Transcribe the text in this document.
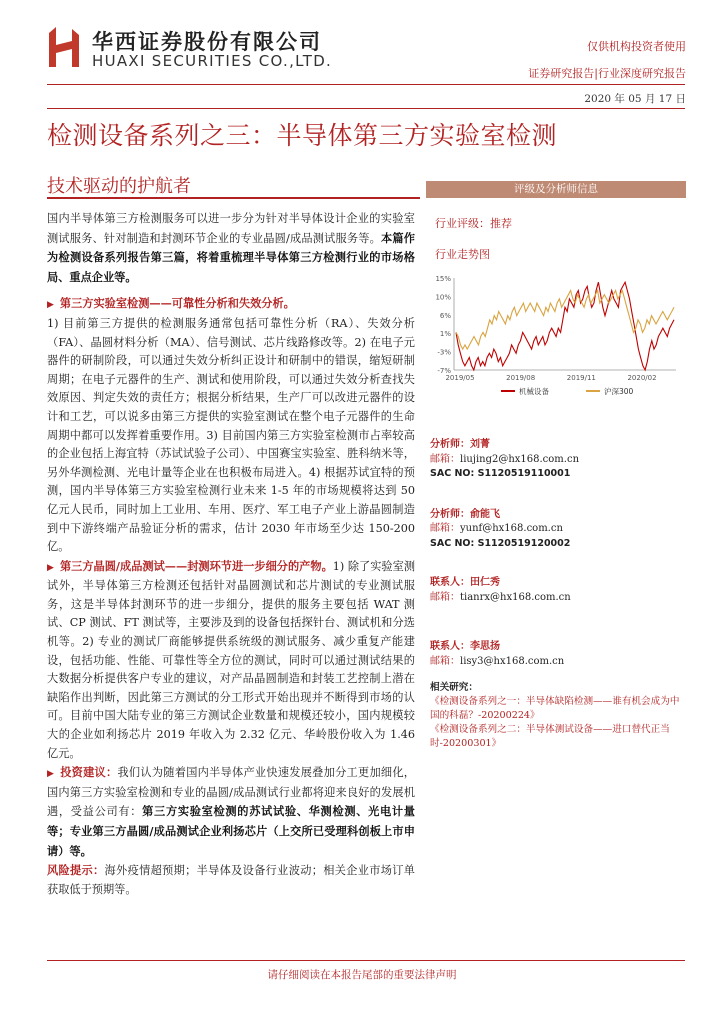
华西证券股份有限公司
HUAXI SECURITIES CO.,LTD.
仅供机构投资者使用
证券研究报告|行业深度研究报告
2020 年 05 月 17 日
检测设备系列之三：半导体第三方实验室检测
技术驱动的护航者

国内半导体第三方检测服务可以进一步分为针对半导体设计企业的实验室测试服务、针对制造和封测环节企业的专业晶圆/成品测试服务等。本篇作为检测设备系列报告第三篇，将着重梳理半导体第三方检测行业的市场格局、重点企业等。

▶ 第三方实验室检测——可靠性分析和失效分析。
1) 目前第三方提供的检测服务通常包括可靠性分析（RA）、失效分析（FA）、晶圆材料分析（MA）、信号测试、芯片线路修改等。2) 在电子元器件的研制阶段，可以通过失效分析纠正设计和研制中的错误，缩短研制周期；在电子元器件的生产、测试和使用阶段，可以通过失效分析查找失效原因、判定失效的责任方；根据分析结果，生产厂可以改进元器件的设计和工艺，可以说多由第三方提供的实验室测试在整个电子元器件的生命周期中都可以发挥着重要作用。3) 目前国内第三方实验室检测市占率较高的企业包括上海宜特（苏试试验子公司）、中国赛宝实验室、胜科纳米等，另外华测检测、光电计量等企业在也积极布局进入。4) 根据苏试宜特的预测，国内半导体第三方实验室检测行业未来 1-5 年的市场规模将达到 50 亿元人民币，同时加上工业用、车用、医疗、军工电子产业上游晶圆制造到中下游终端产品验证分析的需求，估计 2030 年市场至少达 150-200 亿。

▶ 第三方晶圆/成品测试——封测环节进一步细分的产物。1) 除了实验室测试外，半导体第三方检测还包括针对晶圆测试和芯片测试的专业测试服务，这是半导体封测环节的进一步细分，提供的服务主要包括 WAT 测试、CP 测试、FT 测试等，主要涉及到的设备包括探针台、测试机和分选机等。2) 专业的测试厂商能够提供系统级的测试服务、减少重复产能建设，包括功能、性能、可靠性等全方位的测试，同时可以通过测试结果的大数据分析提供客户专业的建议，对产品晶圆制造和封装工艺控制上潜在缺陷作出判断，因此第三方测试的分工形式开始出现并不断得到市场的认可。目前中国大陆专业的第三方测试企业数量和规模还较小，国内规模较大的企业如利扬芯片 2019 年收入为 2.32 亿元、华岭股份收入为 1.46 亿元。

▶ 投资建议：我们认为随着国内半导体产业快速发展叠加分工更加细化，国内第三方实验室检测和专业的晶圆/成品测试行业都将迎来良好的发展机遇，受益公司有：第三方实验室检测的苏试试验、华测检测、光电计量等；专业第三方晶圆/成品测试企业利扬芯片（上交所已受理科创板上市申请）等。

风险提示：海外疫情超预期；半导体及设备行业波动；相关企业市场订单获取低于预期等。

评级及分析师信息
行业评级：推荐
行业走势图
15%
10%
6%
1%
-3%
-7%
2019/05	2019/08	2019/11	2020/02
机械设备	沪深300
分析师：刘菁
邮箱：liujing2@hx168.com.cn
SAC NO: S1120519110001
分析师：俞能飞
邮箱：yunf@hx168.com.cn
SAC NO: S1120519120002
联系人：田仁秀
邮箱：tianrx@hx168.com.cn
联系人：李思扬
邮箱：lisy3@hx168.com.cn
相关研究：
《检测设备系列之一：半导体缺陷检测——谁有机会成为中国的科磊？-20200224》
《检测设备系列之二：半导体测试设备——进口替代正当时-20200301》
请仔细阅读在本报告尾部的重要法律声明
